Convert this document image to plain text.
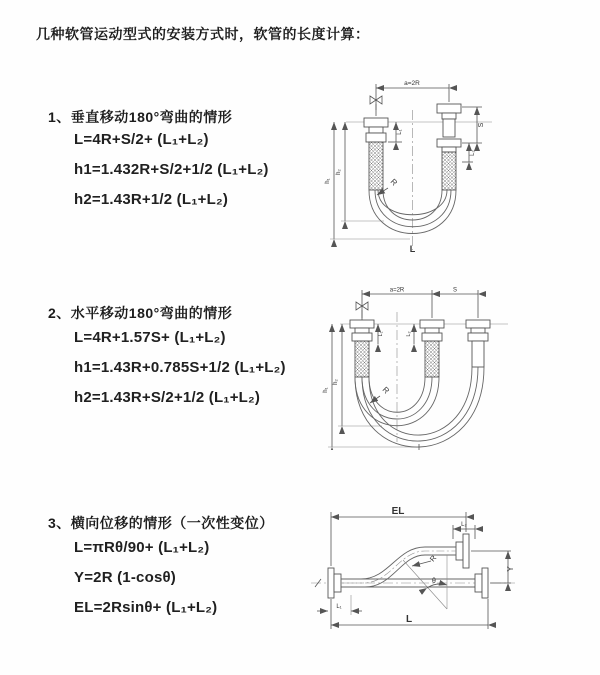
几种软管运动型式的安装方式时，软管的长度计算：
1、垂直移动180°弯曲的情形
L=4R+S/2+ (L₁+L₂)
h1=1.432R+S/2+1/2 (L₁+L₂)
h2=1.43R+1/2 (L₁+L₂)
2、水平移动180°弯曲的情形
L=4R+1.57S+ (L₁+L₂)
h1=1.43R+0.785S+1/2 (L₁+L₂)
h2=1.43R+S/2+1/2 (L₁+L₂)
3、横向位移的情形（一次性变位）
L=πRθ/90+ (L₁+L₂)
Y=2R (1-cosθ)
EL=2Rsinθ+ (L₁+L₂)
a=2R
L₁
S
L₂
h₁
h₂
R
L
a=2R	S
L₁	L₂
h₁
h₂
R
EL
L₂
Y
θ
R
L
L₁
